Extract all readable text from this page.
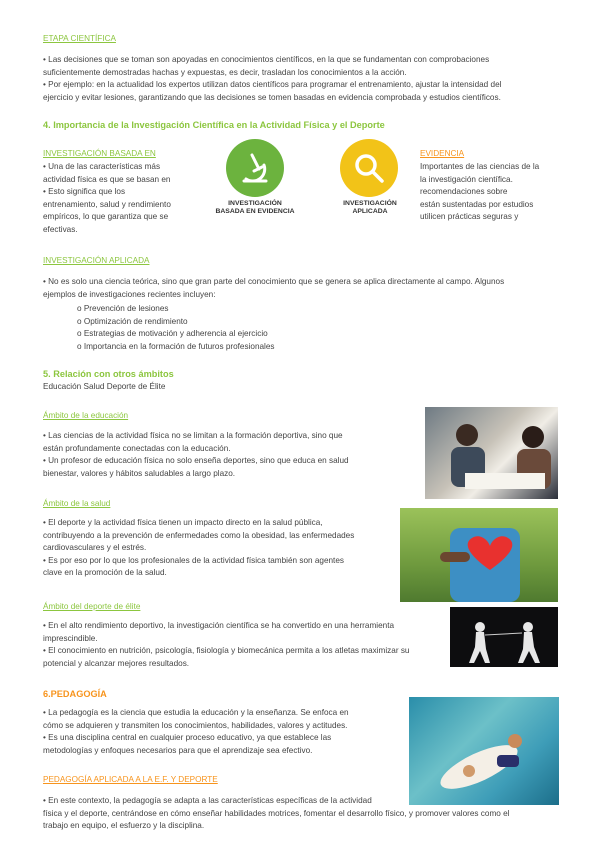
ETAPA CIENTÍFICA
• Las decisiones que se toman son apoyadas en conocimientos científicos, en la que se fundamentan con comprobaciones
suficientemente demostradas hachas y expuestas, es decir, trasladan los conocimientos a la acción.
• Por ejemplo: en la actualidad los expertos utilizan datos científicos para programar el entrenamiento, ajustar la intensidad del
ejercicio y evitar lesiones, garantizando que las decisiones se tomen basadas en evidencia comprobada y estudios científicos.
4. Importancia de la Investigación Científica en la Actividad Física y el Deporte
INVESTIGACIÓN BASADA EN
• Una de las características más
actividad física es que se basan en
• Esto significa que los
entrenamiento, salud y rendimiento
empíricos, lo que garantiza que se
efectivas.
INVESTIGACIÓN
BASADA EN EVIDENCIA
INVESTIGACIÓN
APLICADA
EVIDENCIA
Importantes de las ciencias de la
la investigación científica.
recomendaciones sobre
están sustentadas por estudios
utilicen prácticas seguras y
INVESTIGACIÓN APLICADA
• No es solo una ciencia teórica, sino que gran parte del conocimiento que se genera se aplica directamente al campo. Algunos
ejemplos de investigaciones recientes incluyen:
o Prevención de lesiones
o Optimización de rendimiento
o Estrategias de motivación y adherencia al ejercicio
o Importancia en la formación de futuros profesionales
5. Relación con otros ámbitos
Educación Salud Deporte de Élite
Ámbito de la educación
• Las ciencias de la actividad física no se limitan a la formación deportiva, sino que
están profundamente conectadas con la educación.
• Un profesor de educación física no solo enseña deportes, sino que educa en salud
bienestar, valores y hábitos saludables a largo plazo.
Ámbito de la salud
• El deporte y la actividad física tienen un impacto directo en la salud pública,
contribuyendo a la prevención de enfermedades como la obesidad, las enfermedades
cardiovasculares y el estrés.
• Es por eso por lo que los profesionales de la actividad física también son agentes
clave en la promoción de la salud.
Ámbito del deporte de élite
• En el alto rendimiento deportivo, la investigación científica se ha convertido en una herramienta
imprescindible.
• El conocimiento en nutrición, psicología, fisiología y biomecánica permita a los atletas maximizar su
potencial y alcanzar mejores resultados.
6.PEDAGOGÍA
• La pedagogía es la ciencia que estudia la educación y la enseñanza. Se enfoca en
cómo se adquieren y transmiten los conocimientos, habilidades, valores y actitudes.
• Es una disciplina central en cualquier proceso educativo, ya que establece las
metodologías y enfoques necesarios para que el aprendizaje sea efectivo.
PEDAGOGÍA APLICADA A LA E.F. Y DEPORTE
• En este contexto, la pedagogía se adapta a las características específicas de la actividad
física y el deporte, centrándose en cómo enseñar habilidades motrices, fomentar el desarrollo físico, y promover valores como el
trabajo en equipo, el esfuerzo y la disciplina.
